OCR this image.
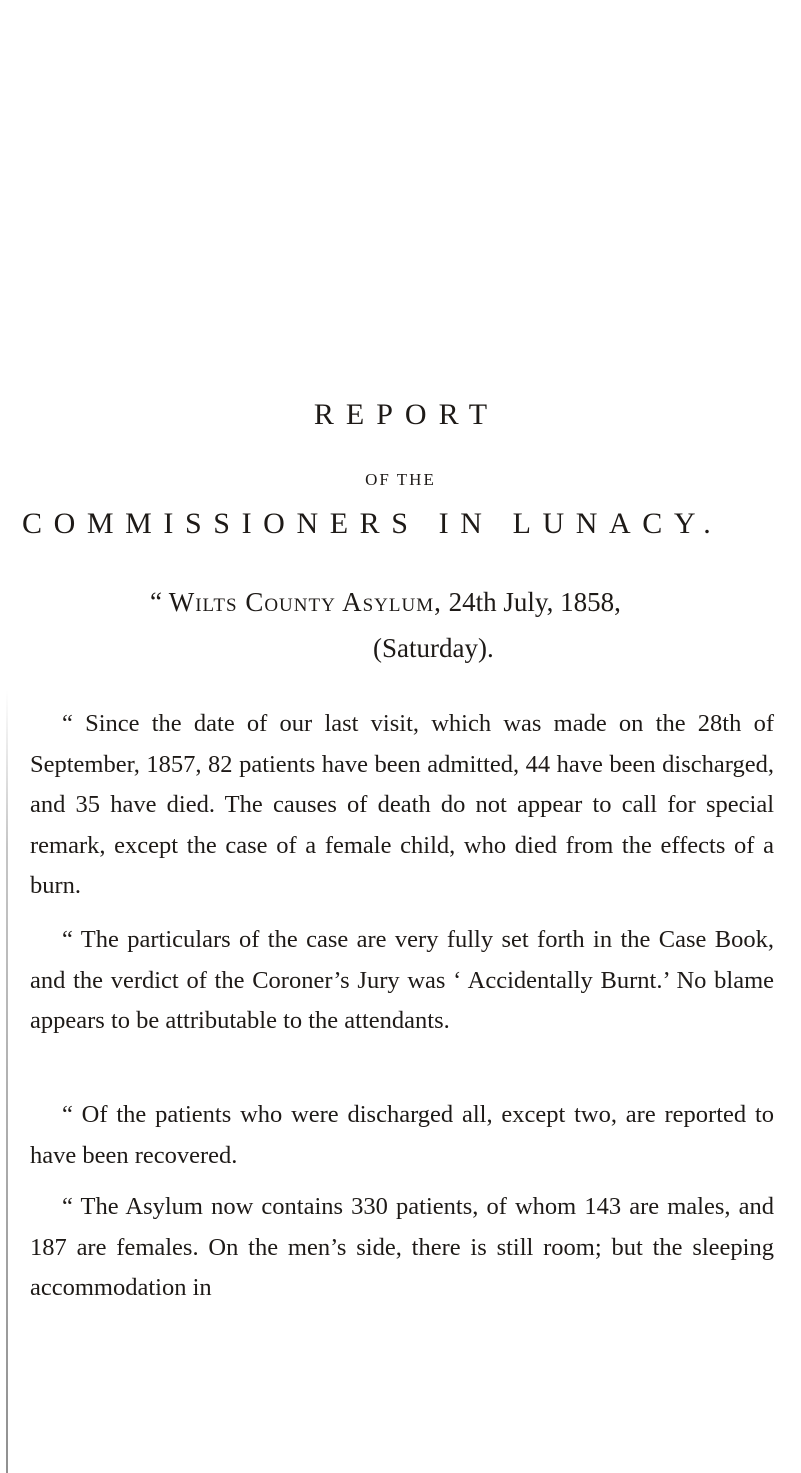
REPORT
OF THE
COMMISSIONERS IN LUNACY.
“ Wilts County Asylum, 24th July, 1858,
(Saturday).
“ Since the date of our last visit, which was made on the 28th of September, 1857, 82 patients have been admitted, 44 have been discharged, and 35 have died. The causes of death do not appear to call for special remark, except the case of a female child, who died from the effects of a burn.
“ The particulars of the case are very fully set forth in the Case Book, and the verdict of the Coroner’s Jury was ‘ Accidentally Burnt.’ No blame appears to be attributable to the attendants.
“ Of the patients who were discharged all, except two, are reported to have been recovered.
“ The Asylum now contains 330 patients, of whom 143 are males, and 187 are females. On the men’s side, there is still room; but the sleeping accommodation in
